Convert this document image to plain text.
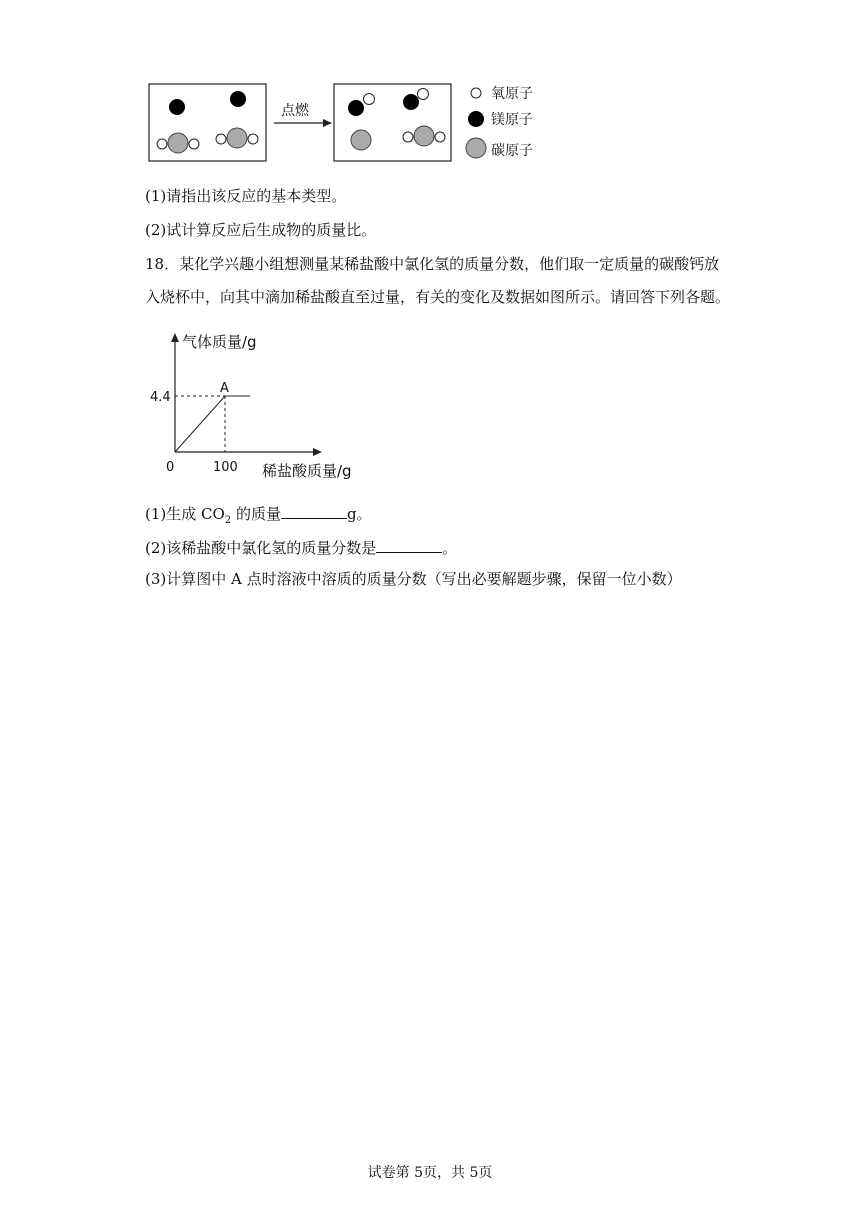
点燃
氧原子
镁原子
碳原子
(1)请指出该反应的基本类型。
(2)试计算反应后生成物的质量比。
18．某化学兴趣小组想测量某稀盐酸中氯化氢的质量分数，他们取一定质量的碳酸钙放
入烧杯中，向其中滴加稀盐酸直至过量，有关的变化及数据如图所示。请回答下列各题。
气体质量/g
稀盐酸质量/g
0	100
4.4
A
(1)生成 $CO_2$ 的质量	g。
(2)该稀盐酸中氯化氢的质量分数是	。
(3)计算图中 A 点时溶液中溶质的质量分数（写出必要解题步骤，保留一位小数）
试卷第 5页，共 5页
